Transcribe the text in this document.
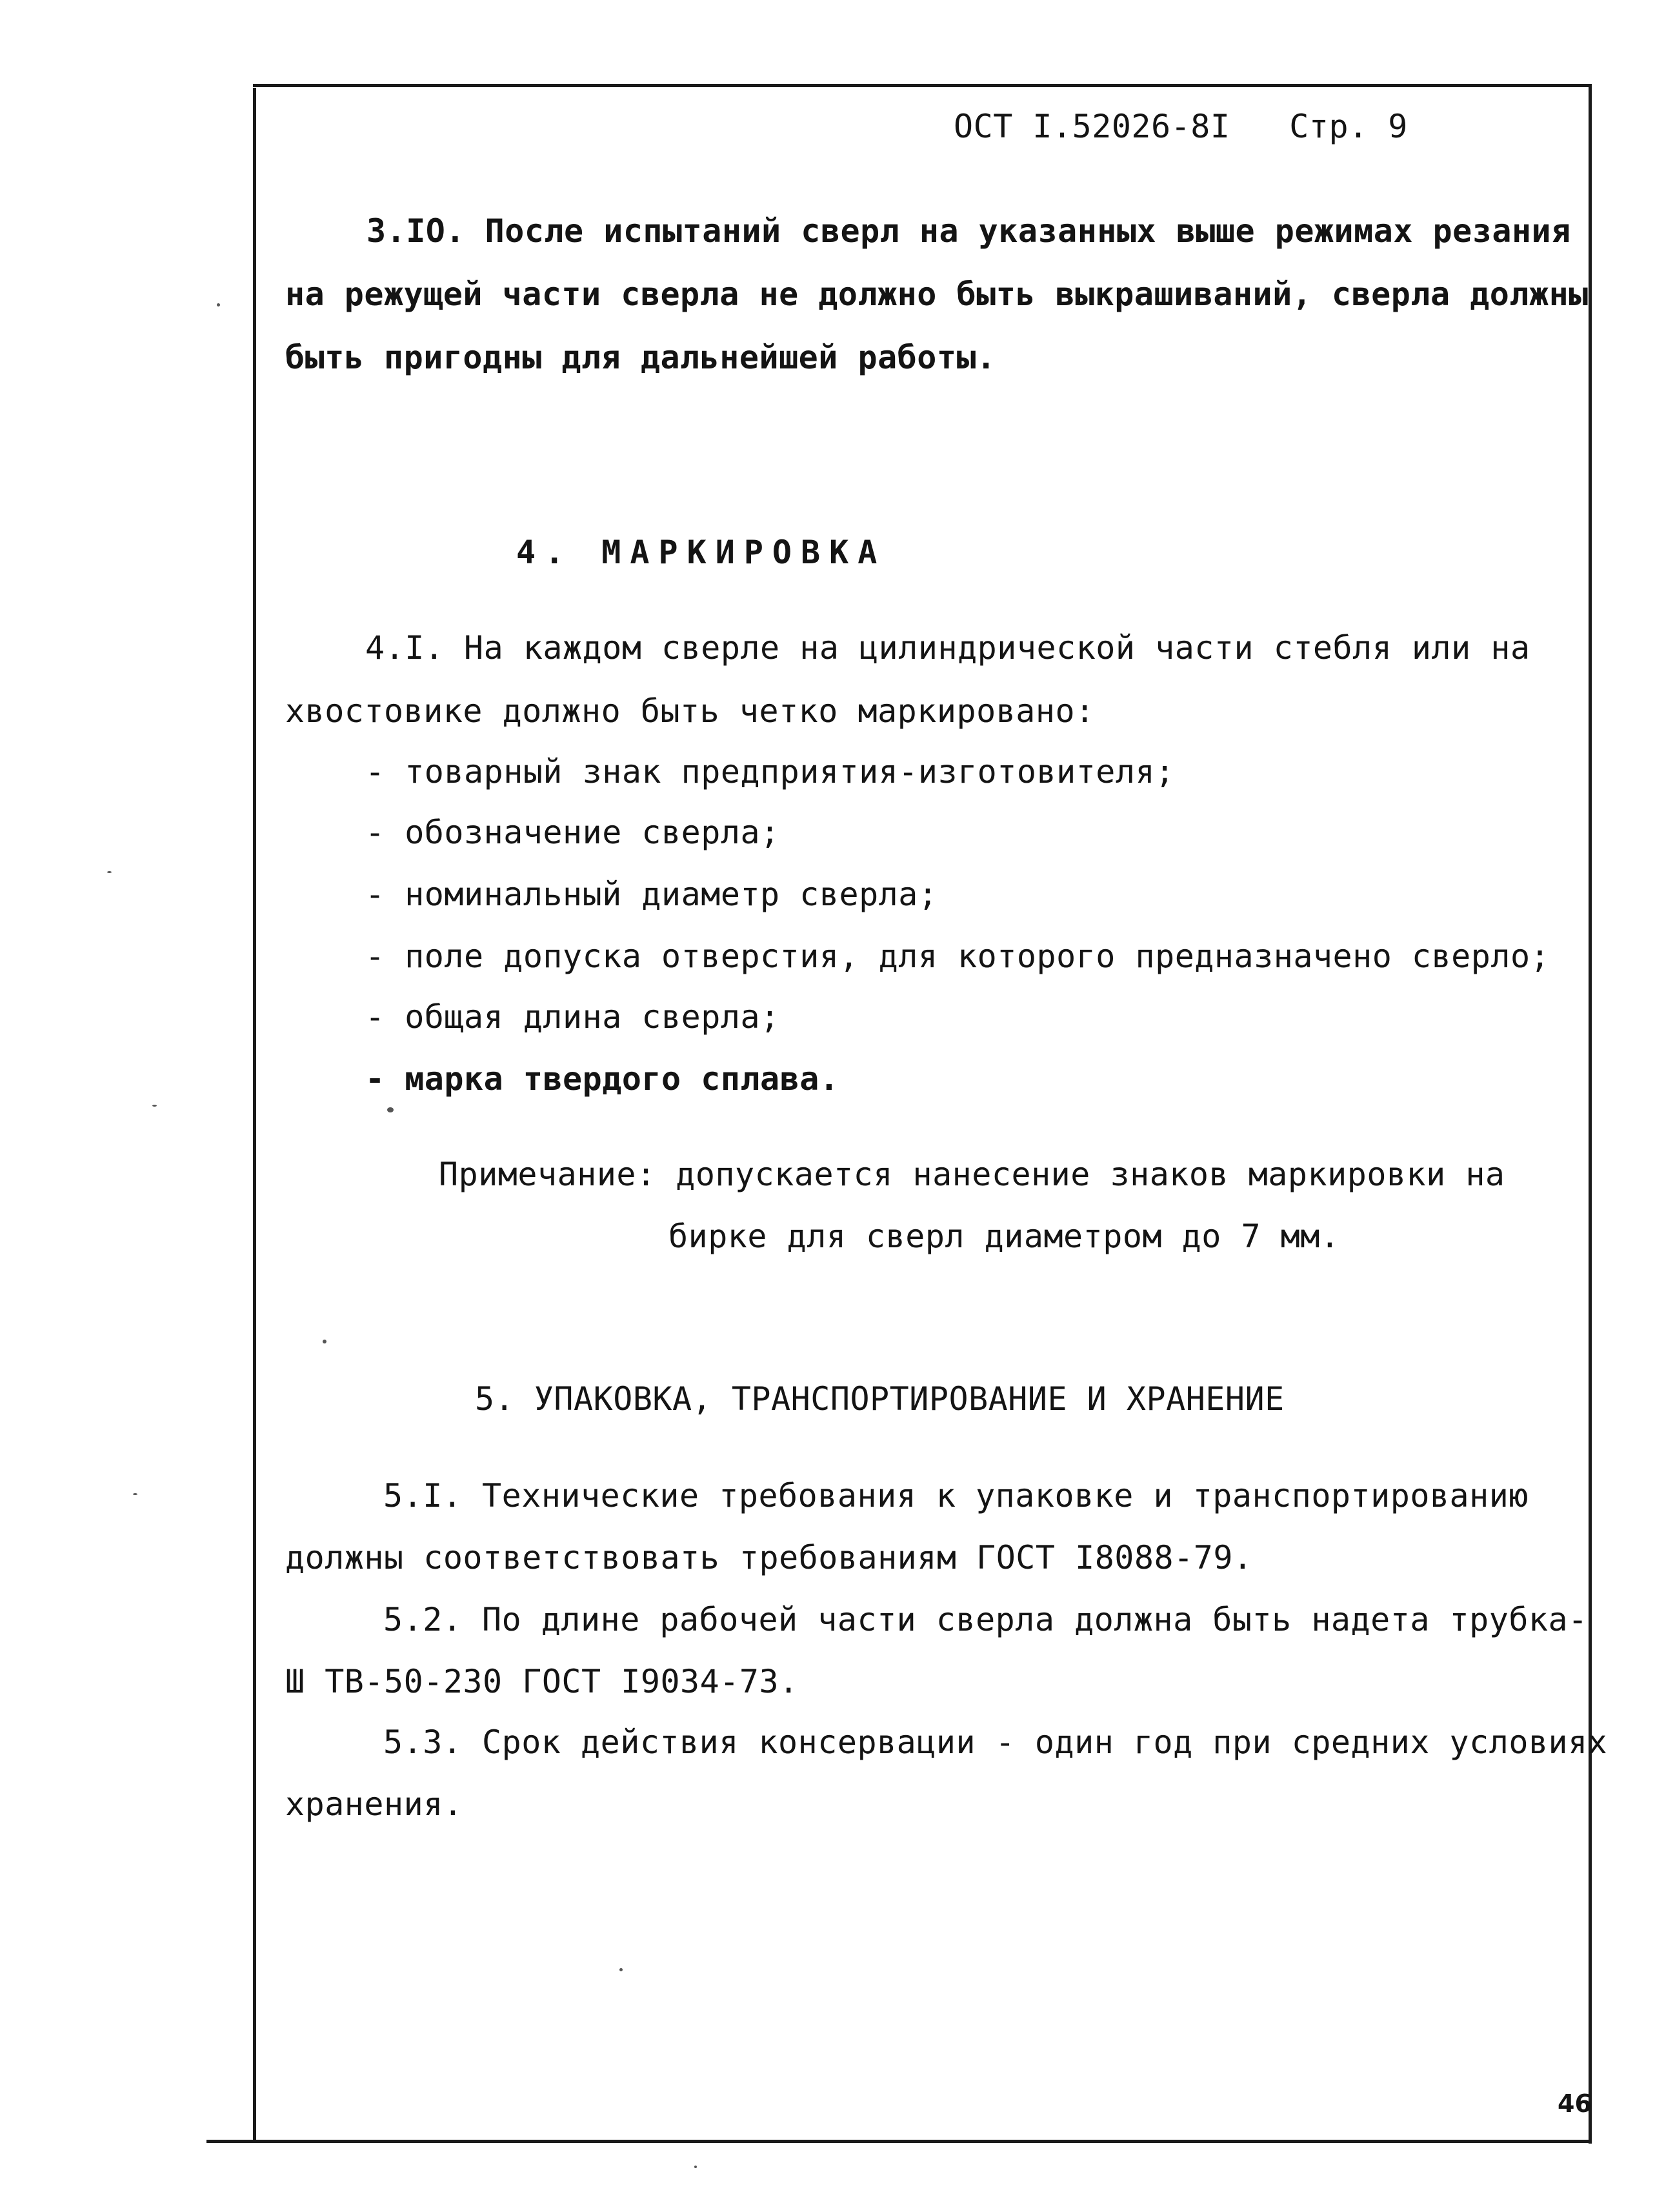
ОСТ I.52026-8I Стр. 9
3.IО. После испытаний сверл на указанных выше режимах резания
на режущей части сверла не должно быть выкрашиваний, сверла должны
быть пригодны для дальнейшей работы.
4. МАРКИРОВКА
4.I. На каждом сверле на цилиндрической части стебля или на
хвостовике должно быть четко маркировано:
- товарный знак предприятия-изготовителя;
- обозначение сверла;
- номинальный диаметр сверла;
- поле допуска отверстия, для которого предназначено сверло;
- общая длина сверла;
- марка твердого сплава.
Примечание: допускается нанесение знаков маркировки на
бирке для сверл диаметром до 7 мм.
5. УПАКОВКА, ТРАНСПОРТИРОВАНИЕ И ХРАНЕНИЕ
5.I. Технические требования к упаковке и транспортированию
должны соответствовать требованиям ГОСТ I8088-79.
5.2. По длине рабочей части сверла должна быть надета трубка-
Ш ТВ-50-230 ГОСТ I9034-73.
5.3. Срок действия консервации - один год при средних условиях
хранения.
46
